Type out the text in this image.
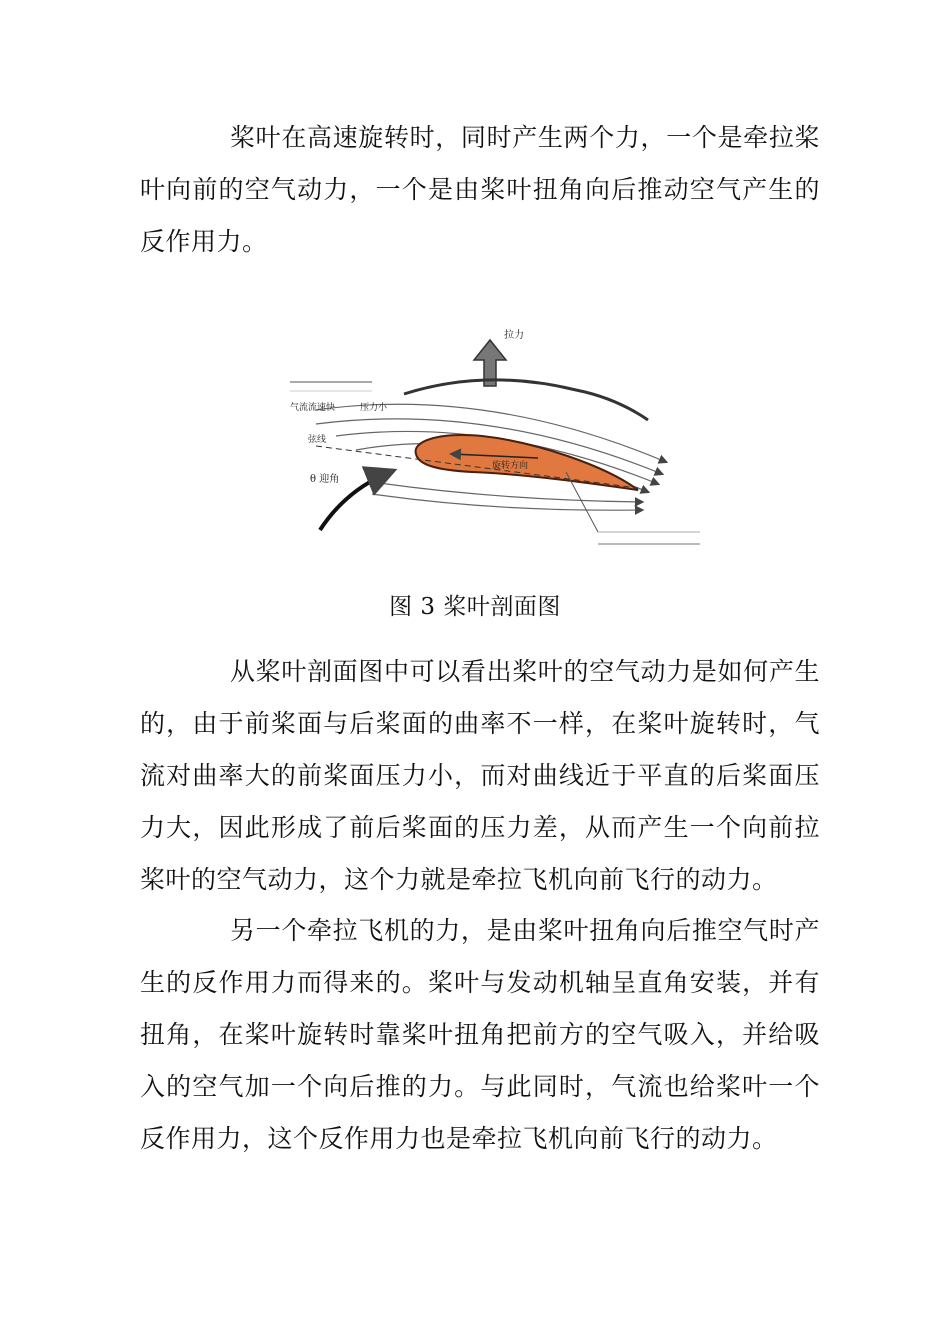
桨叶在高速旋转时，同时产生两个力，一个是牵拉桨叶向前的空气动力，一个是由桨叶扭角向后推动空气产生的反作用力。

拉力
旋转方向
气流流速快	压力小
弦线
θ 迎角
图 3 桨叶剖面图

从桨叶剖面图中可以看出桨叶的空气动力是如何产生的，由于前桨面与后桨面的曲率不一样，在桨叶旋转时，气流对曲率大的前桨面压力小，而对曲线近于平直的后桨面压力大，因此形成了前后桨面的压力差，从而产生一个向前拉桨叶的空气动力，这个力就是牵拉飞机向前飞行的动力。

另一个牵拉飞机的力，是由桨叶扭角向后推空气时产生的反作用力而得来的。桨叶与发动机轴呈直角安装，并有扭角，在桨叶旋转时靠桨叶扭角把前方的空气吸入，并给吸入的空气加一个向后推的力。与此同时，气流也给桨叶一个反作用力，这个反作用力也是牵拉飞机向前飞行的动力。
